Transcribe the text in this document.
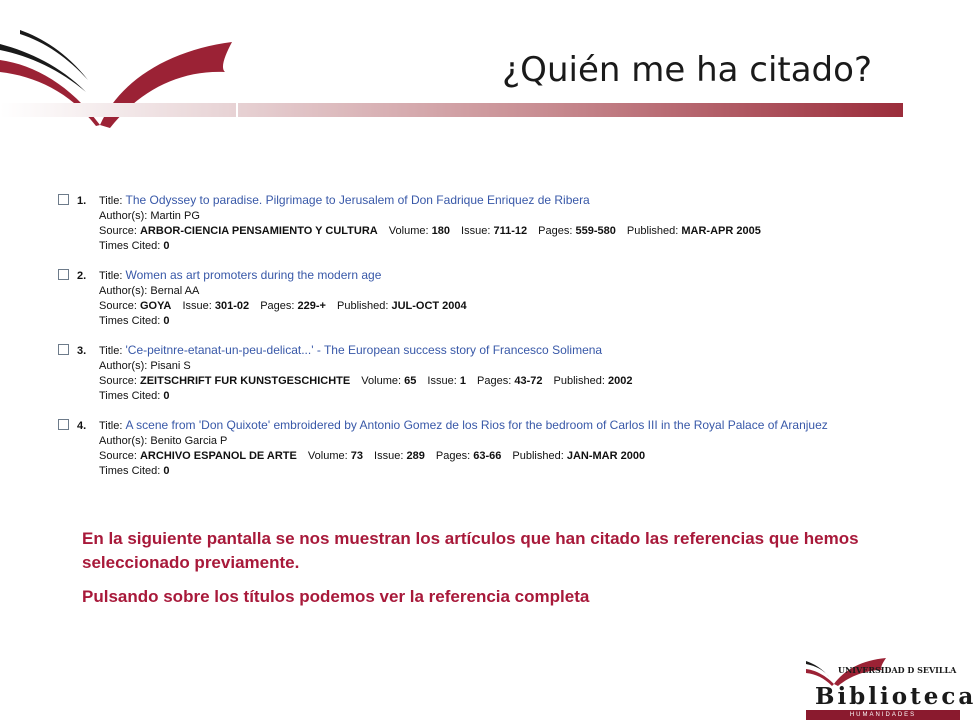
¿Quién me ha citado?
1. Title: The Odyssey to paradise. Pilgrimage to Jerusalem of Don Fadrique Enriquez de Ribera
Author(s): Martin PG
Source: ARBOR-CIENCIA PENSAMIENTO Y CULTURA Volume: 180 Issue: 711-12 Pages: 559-580 Published: MAR-APR 2005
Times Cited: 0
2. Title: Women as art promoters during the modern age
Author(s): Bernal AA
Source: GOYA Issue: 301-02 Pages: 229-+ Published: JUL-OCT 2004
Times Cited: 0
3. Title: 'Ce-peitnre-etanat-un-peu-delicat...' - The European success story of Francesco Solimena
Author(s): Pisani S
Source: ZEITSCHRIFT FUR KUNSTGESCHICHTE Volume: 65 Issue: 1 Pages: 43-72 Published: 2002
Times Cited: 0
4. Title: A scene from 'Don Quixote' embroidered by Antonio Gomez de los Rios for the bedroom of Carlos III in the Royal Palace of Aranjuez
Author(s): Benito Garcia P
Source: ARCHIVO ESPANOL DE ARTE Volume: 73 Issue: 289 Pages: 63-66 Published: JAN-MAR 2000
Times Cited: 0

En la siguiente pantalla se nos muestran los artículos que han citado las referencias que hemos seleccionado previamente.

Pulsando sobre los títulos podemos ver la referencia completa

UNIVERSIDAD D SEVILLA
Biblioteca
HUMANIDADES
